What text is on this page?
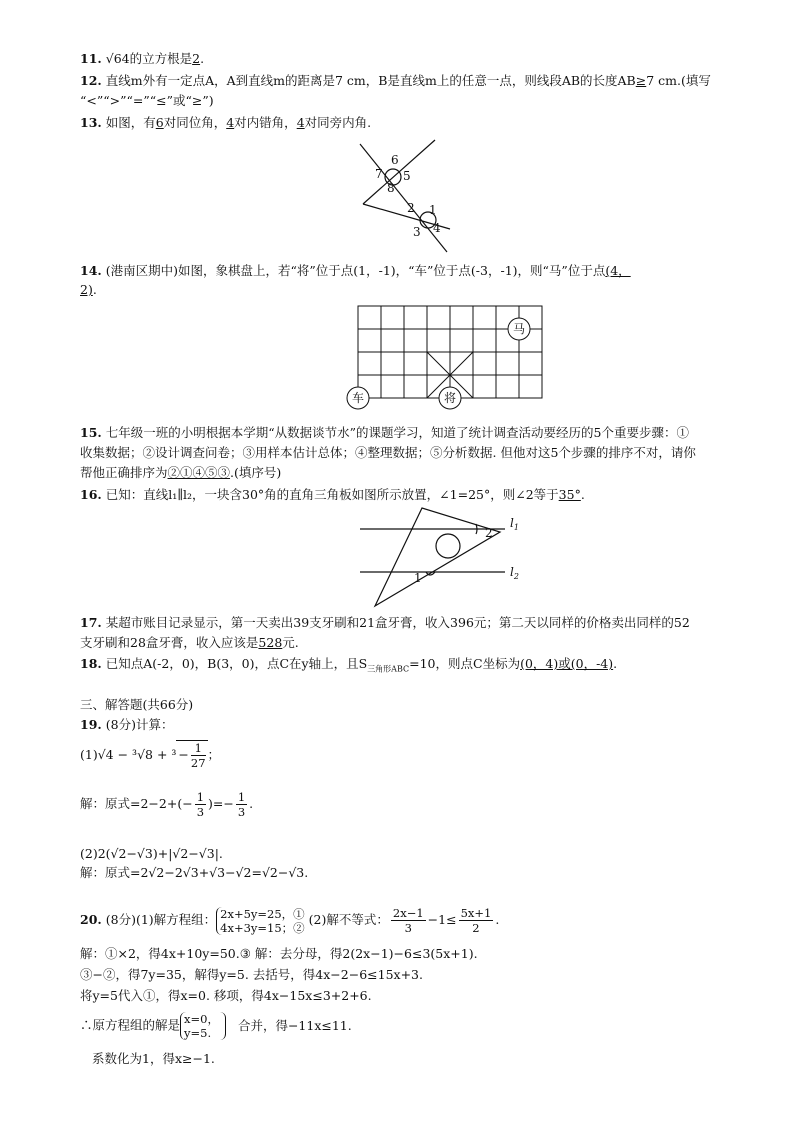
11. √64的立方根是2.
12. 直线m外有一定点A，A到直线m的距离是7 cm，B是直线m上的任意一点，则线段AB的长度AB≥7 cm.(填写
“<”“>”“=”“≤”或“≥”)
13. 如图，有6对同位角，4对内错角，4对同旁内角.
6
7 5
8
2 1
3 4
14. (港南区期中)如图，象棋盘上，若“将”位于点(1，-1)，“车”位于点(-3，-1)，则“马”位于点(4，
2).
马
车	将
15. 七年级一班的小明根据本学期“从数据谈节水”的课题学习，知道了统计调查活动要经历的5个重要步骤：①
收集数据；②设计调查问卷；③用样本估计总体；④整理数据；⑤分析数据. 但他对这5个步骤的排序不对，请你
帮他正确排序为②①④⑤③.(填序号)
16. 已知：直线l₁∥l₂，一块含30°角的直角三角板如图所示放置，∠1=25°，则∠2等于35°.
$l_1$
$l_2$
1
2
17. 某超市账目记录显示，第一天卖出39支牙刷和21盒牙膏，收入396元；第二天以同样的价格卖出同样的52
支牙刷和28盒牙膏，收入应该是528元.
18. 已知点A(-2，0)，B(3，0)，点C在y轴上，且$S_{三角形ABC}=10$，则点C坐标为(0，4)或(0，-4).
三、解答题(共66分)
19. (8分)计算：
$(1)√4 - ^3√8 + ^3 - \frac{1}{27}$ ；
解：原式$=2-2+(- \frac{1}{3}$ )=− $\frac{1}{3}$ .
(2)2(√2−√3)+|√2−√3|.
解：原式=2√2−2√3+√3−√2=√2−√3.
20. (8分)(1)解方程组： 2x+5y=25，①
4x+3y=15；②
(2)解不等式： $\frac{2x-1}{3} -1\le \frac{5x+1}{2}$ .
解：①×2，得4x+10y=50.③ 解：去分母，得2(2x−1)−6≤3(5x+1).
③−②，得7y=35，解得y=5. 去括号，得4x−2−6≤15x+3.
将y=5代入①，得x=0. 移项，得4x−15x≤3+2+6.
∴原方程组的解是 x=0，
y=5.
合并，得−11x≤11.
系数化为1，得x≥−1.
